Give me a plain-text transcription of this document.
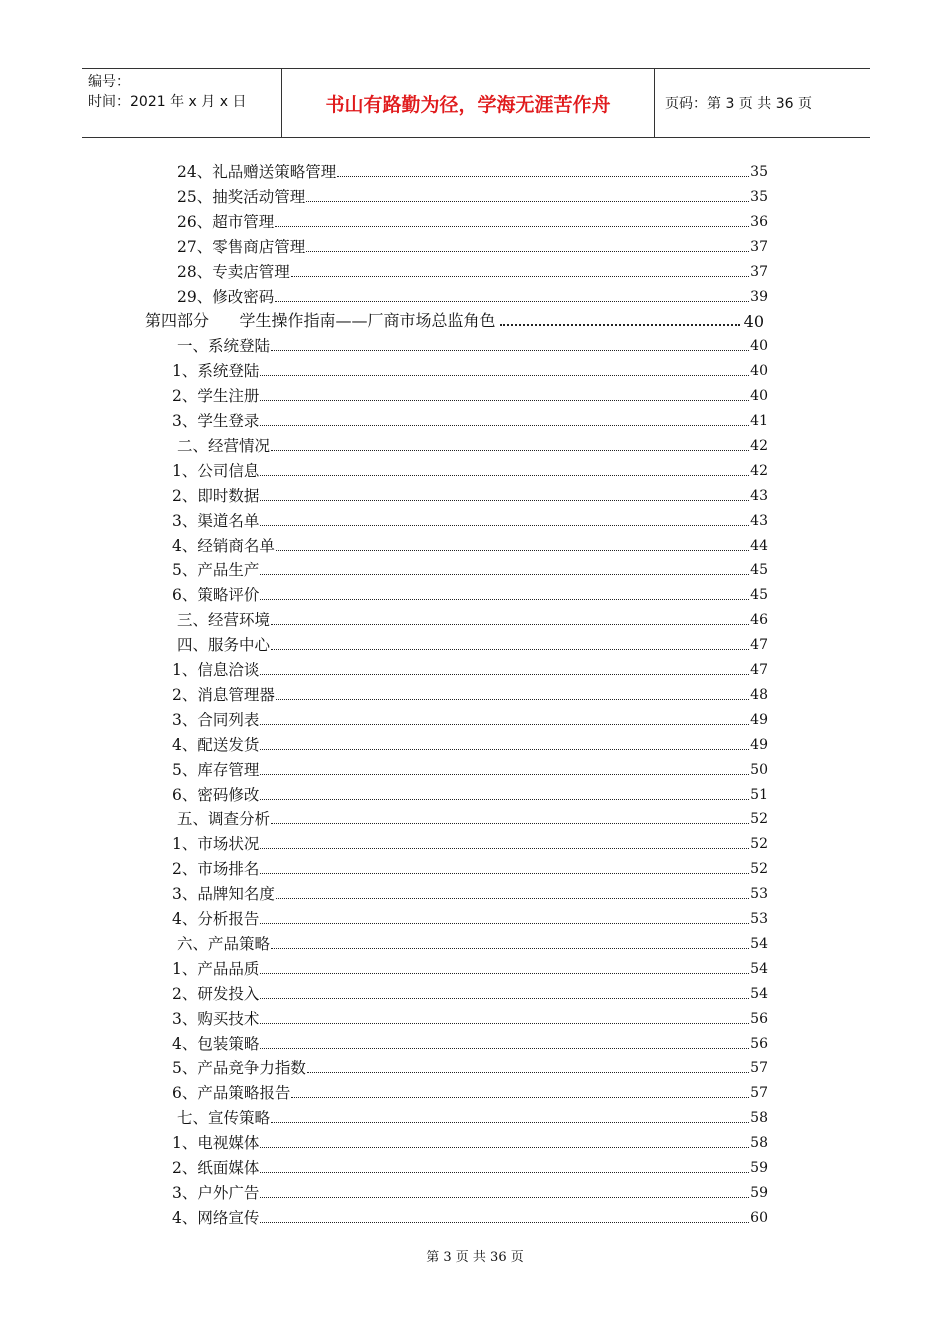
编号：
时间：2021 年 x 月 x 日	书山有路勤为径，学海无涯苦作舟	页码：第 3 页 共 36 页
24、礼品赠送策略管理	35
25、抽奖活动管理	35
26、超市管理	36
27、零售商店管理	37
28、专卖店管理	37
29、修改密码	39
第四部分      学生操作指南——厂商市场总监角色	40
一、系统登陆	40
1、系统登陆	40
2、学生注册	40
3、学生登录	41
二、经营情况	42
1、公司信息	42
2、即时数据	43
3、渠道名单	43
4、经销商名单	44
5、产品生产	45
6、策略评价	45
三、经营环境	46
四、服务中心	47
1、信息洽谈	47
2、消息管理器	48
3、合同列表	49
4、配送发货	49
5、库存管理	50
6、密码修改	51
五、调查分析	52
1、市场状况	52
2、市场排名	52
3、品牌知名度	53
4、分析报告	53
六、产品策略	54
1、产品品质	54
2、研发投入	54
3、购买技术	56
4、包装策略	56
5、产品竞争力指数	57
6、产品策略报告	57
七、宣传策略	58
1、电视媒体	58
2、纸面媒体	59
3、户外广告	59
4、网络宣传	60
第 3 页 共 36 页
